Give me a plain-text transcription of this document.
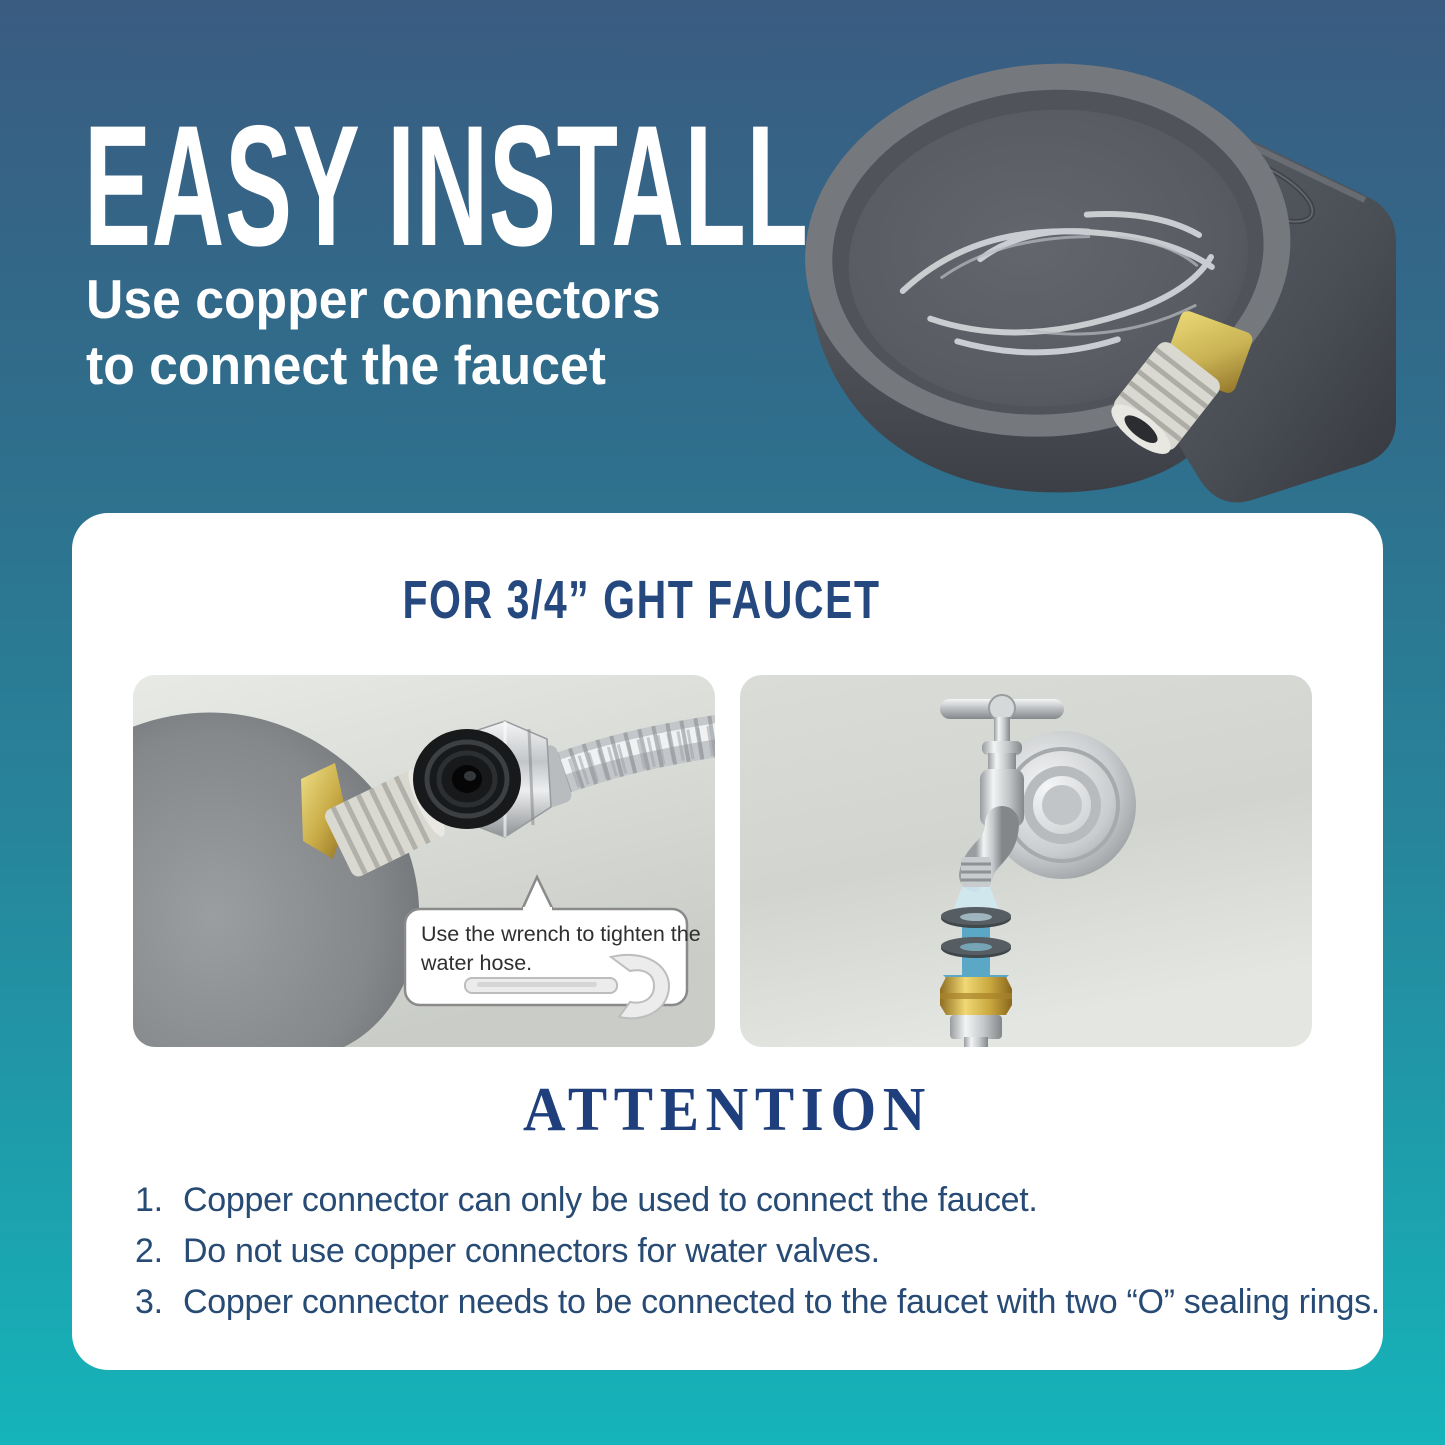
EASY INSTALL
Use copper connectors
to connect the faucet
FOR 3/4” GHT FAUCET
Use the wrench to tighten the
water hose.
ATTENTION
1. Copper connector can only be used to connect the faucet.
2. Do not use copper connectors for water valves.
3. Copper connector needs to be connected to the faucet with two “O” sealing rings.
